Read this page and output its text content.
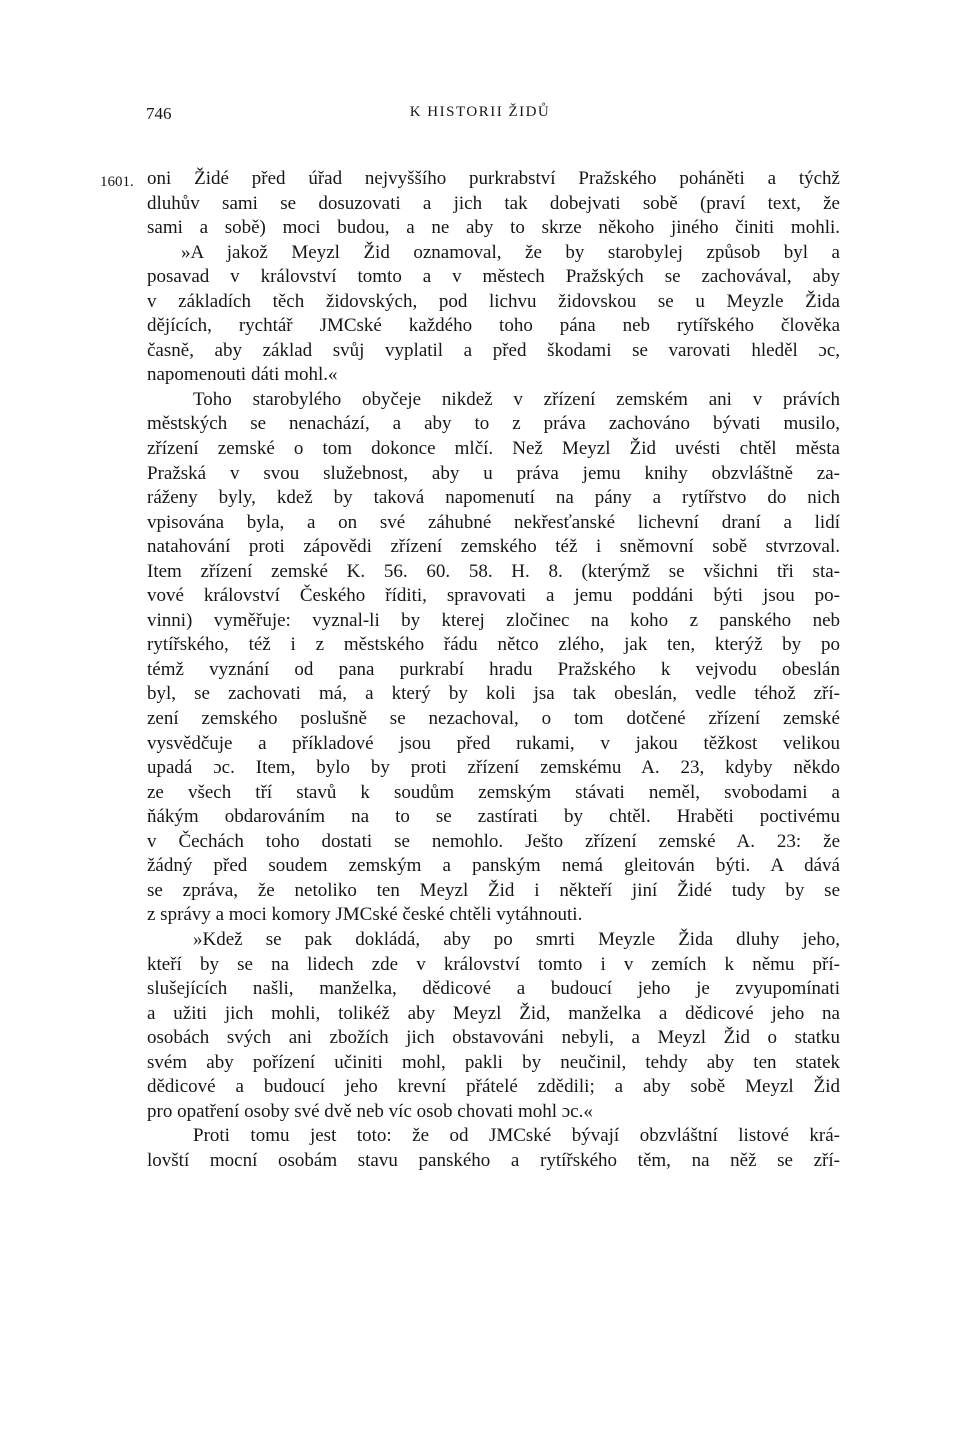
746	K HISTORII ŽIDŮ
1601. oni Židé před úřad nejvyššího purkrabství Pražského poháněti a týchž
dluhův sami se dosuzovati a jich tak dobejvati sobě (praví text, že
sami a sobě) moci budou, a ne aby to skrze někoho jiného činiti mohli.
»A jakož Meyzl Žid oznamoval, že by starobylej způsob byl a
posavad v království tomto a v městech Pražských se zachovával, aby
v základích těch židovských, pod lichvu židovskou se u Meyzle Žida
dějících, rychtář JMCské každého toho pána neb rytířského člověka
časně, aby základ svůj vyplatil a před škodami se varovati hleděl ɔc,
napomenouti dáti mohl.«
Toho starobylého obyčeje nikdež v zřízení zemském ani v právích
městských se nenachází, a aby to z práva zachováno bývati musilo,
zřízení zemské o tom dokonce mlčí. Než Meyzl Žid uvésti chtěl města
Pražská v svou služebnost, aby u práva jemu knihy obzvláštně za-
ráženy byly, kdež by taková napomenutí na pány a rytířstvo do nich
vpisována byla, a on své záhubné nekřesťanské lichevní draní a lidí
natahování proti zápovědi zřízení zemského též i sněmovní sobě stvrzoval.
Item zřízení zemské K. 56. 60. 58. H. 8. (kterýmž se všichni tři sta-
vové království Českého říditi, spravovati a jemu poddáni býti jsou po-
vinni) vyměřuje: vyznal-li by kterej zločinec na koho z panského neb
rytířského, též i z městského řádu nětco zlého, jak ten, kterýž by po
témž vyznání od pana purkrabí hradu Pražského k vejvodu obeslán
byl, se zachovati má, a který by koli jsa tak obeslán, vedle téhož zří-
zení zemského poslušně se nezachoval, o tom dotčené zřízení zemské
vysvědčuje a příkladové jsou před rukami, v jakou těžkost velikou
upadá ɔc. Item, bylo by proti zřízení zemskému A. 23, kdyby někdo
ze všech tří stavů k soudům zemským stávati neměl, svobodami a
ňákým obdarováním na to se zastírati by chtěl. Hraběti poctivému
v Čechách toho dostati se nemohlo. Ješto zřízení zemské A. 23: že
žádný před soudem zemským a panským nemá gleitován býti. A dává
se zpráva, že netoliko ten Meyzl Žid i někteří jiní Židé tudy by se
z správy a moci komory JMCské české chtěli vytáhnouti.
»Kdež se pak dokládá, aby po smrti Meyzle Žida dluhy jeho,
kteří by se na lidech zde v království tomto i v zemích k němu pří-
slušejících našli, manželka, dědicové a budoucí jeho je zvyupomínati
a užiti jich mohli, tolikéž aby Meyzl Žid, manželka a dědicové jeho na
osobách svých ani zbožích jich obstavováni nebyli, a Meyzl Žid o statku
svém aby pořízení učiniti mohl, pakli by neučinil, tehdy aby ten statek
dědicové a budoucí jeho krevní přátelé zdědili; a aby sobě Meyzl Žid
pro opatření osoby své dvě neb víc osob chovati mohl ɔc.«
Proti tomu jest toto: že od JMCské bývají obzvláštní listové krá-
lovští mocní osobám stavu panského a rytířského těm, na něž se zří-
